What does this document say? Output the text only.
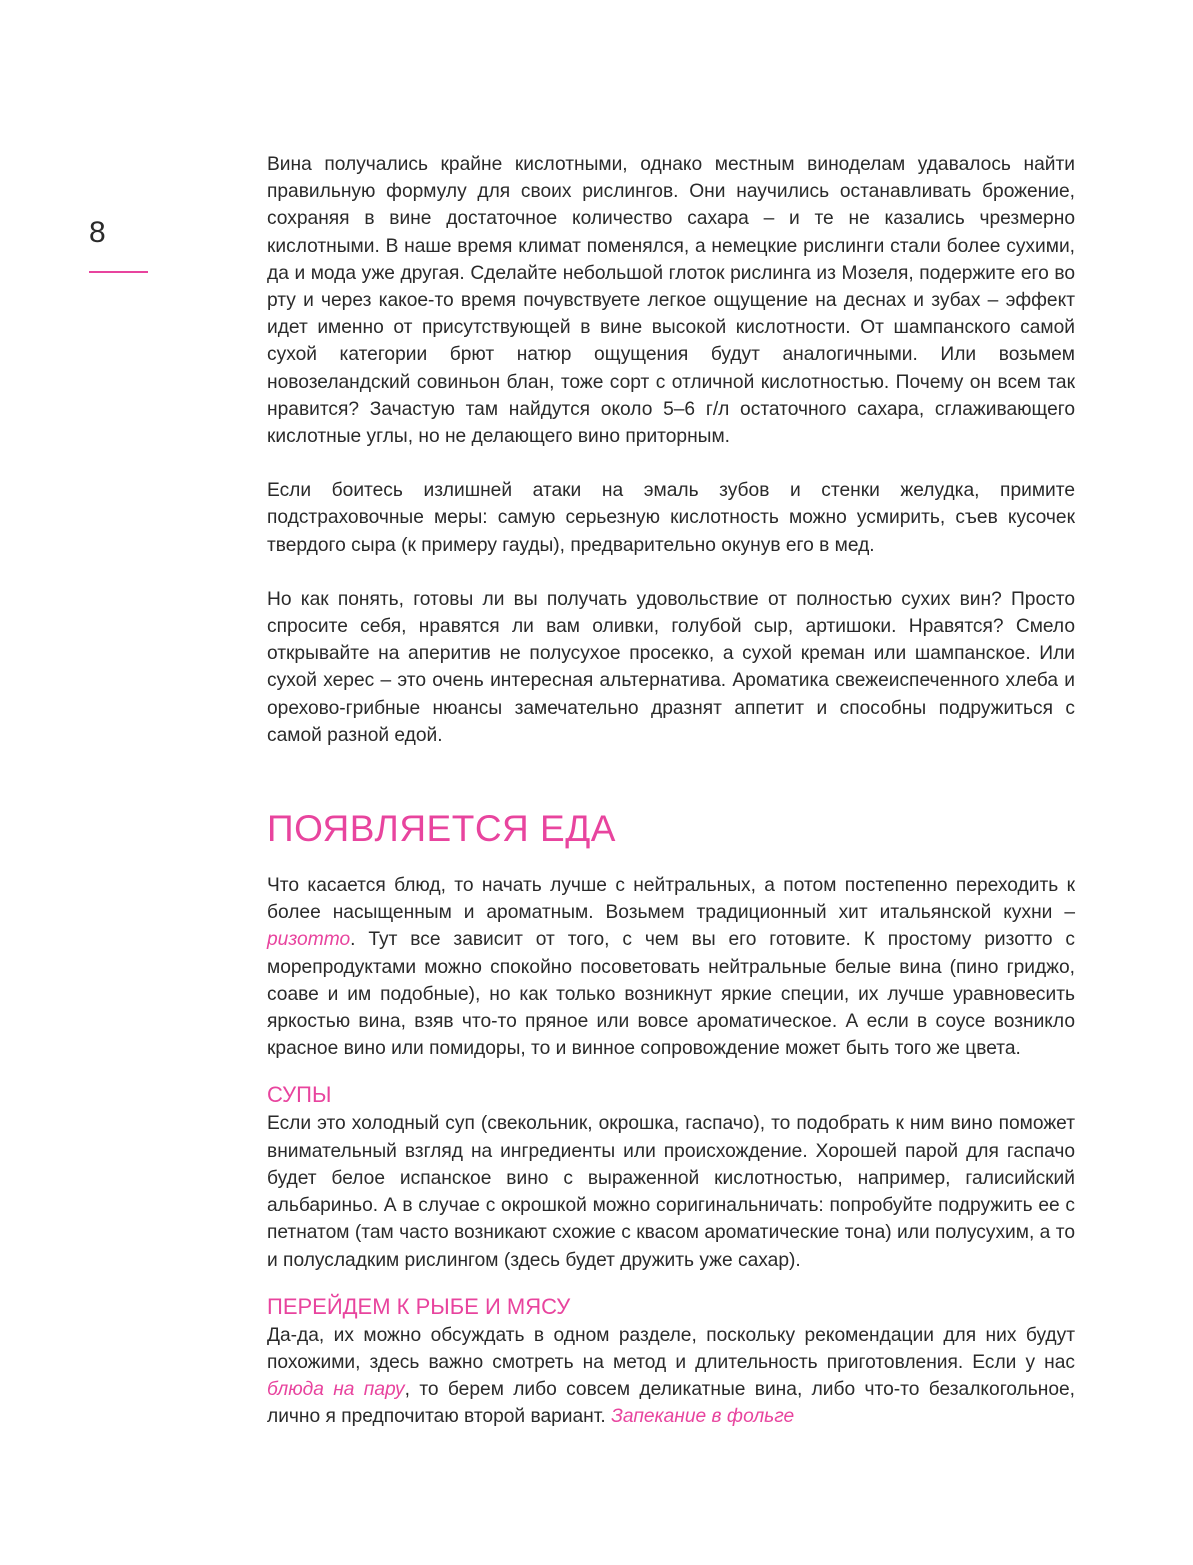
8

Вина получались крайне кислотными, однако местным виноделам удавалось найти правильную формулу для своих рислингов. Они научились останавливать брожение, сохраняя в вине достаточное количество сахара – и те не казались чрезмерно кислотными. В наше время климат поменялся, а немецкие рислинги стали более сухими, да и мода уже другая. Сделайте небольшой глоток рислинга из Мозеля, подержите его во рту и через какое-то время почувствуете легкое ощущение на деснах и зубах – эффект идет именно от присутствующей в вине высокой кислотности. От шампанского самой сухой категории брют натюр ощущения будут аналогичными. Или возьмем новозеландский совиньон блан, тоже сорт с отличной кислотностью. Почему он всем так нравится? Зачастую там найдутся около 5–6 г/л остаточного сахара, сглаживающего кислотные углы, но не делающего вино приторным.

Если боитесь излишней атаки на эмаль зубов и стенки желудка, примите подстраховочные меры: самую серьезную кислотность можно усмирить, съев кусочек твердого сыра (к примеру гауды), предварительно окунув его в мед.

Но как понять, готовы ли вы получать удовольствие от полностью сухих вин? Просто спросите себя, нравятся ли вам оливки, голубой сыр, артишоки. Нравятся? Смело открывайте на аперитив не полусухое просекко, а сухой креман или шампанское. Или сухой херес – это очень интересная альтернатива. Ароматика свежеиспеченного хлеба и орехово-грибные нюансы замечательно дразнят аппетит и способны подружиться с самой разной едой.

ПОЯВЛЯЕТСЯ ЕДА

Что касается блюд, то начать лучше с нейтральных, а потом постепенно переходить к более насыщенным и ароматным. Возьмем традиционный хит итальянской кухни – ризотто. Тут все зависит от того, с чем вы его готовите. К простому ризотто с морепродуктами можно спокойно посоветовать нейтральные белые вина (пино гриджо, соаве и им подобные), но как только возникнут яркие специи, их лучше уравновесить яркостью вина, взяв что-то пряное или вовсе ароматическое. А если в соусе возникло красное вино или помидоры, то и винное сопровождение может быть того же цвета.

СУПЫ

Если это холодный суп (свекольник, окрошка, гаспачо), то подобрать к ним вино поможет внимательный взгляд на ингредиенты или происхождение. Хорошей парой для гаспачо будет белое испанское вино с выраженной кислотностью, например, галисийский альбариньо. А в случае с окрошкой можно соригинальничать: попробуйте подружить ее с петнатом (там часто возникают схожие с квасом ароматические тона) или полусухим, а то и полусладким рислингом (здесь будет дружить уже сахар).

ПЕРЕЙДЕМ К РЫБЕ И МЯСУ

Да-да, их можно обсуждать в одном разделе, поскольку рекомендации для них будут похожими, здесь важно смотреть на метод и длительность приготовления. Если у нас блюда на пару, то берем либо совсем деликатные вина, либо что-то безалкогольное, лично я предпочитаю второй вариант. Запекание в фольге
